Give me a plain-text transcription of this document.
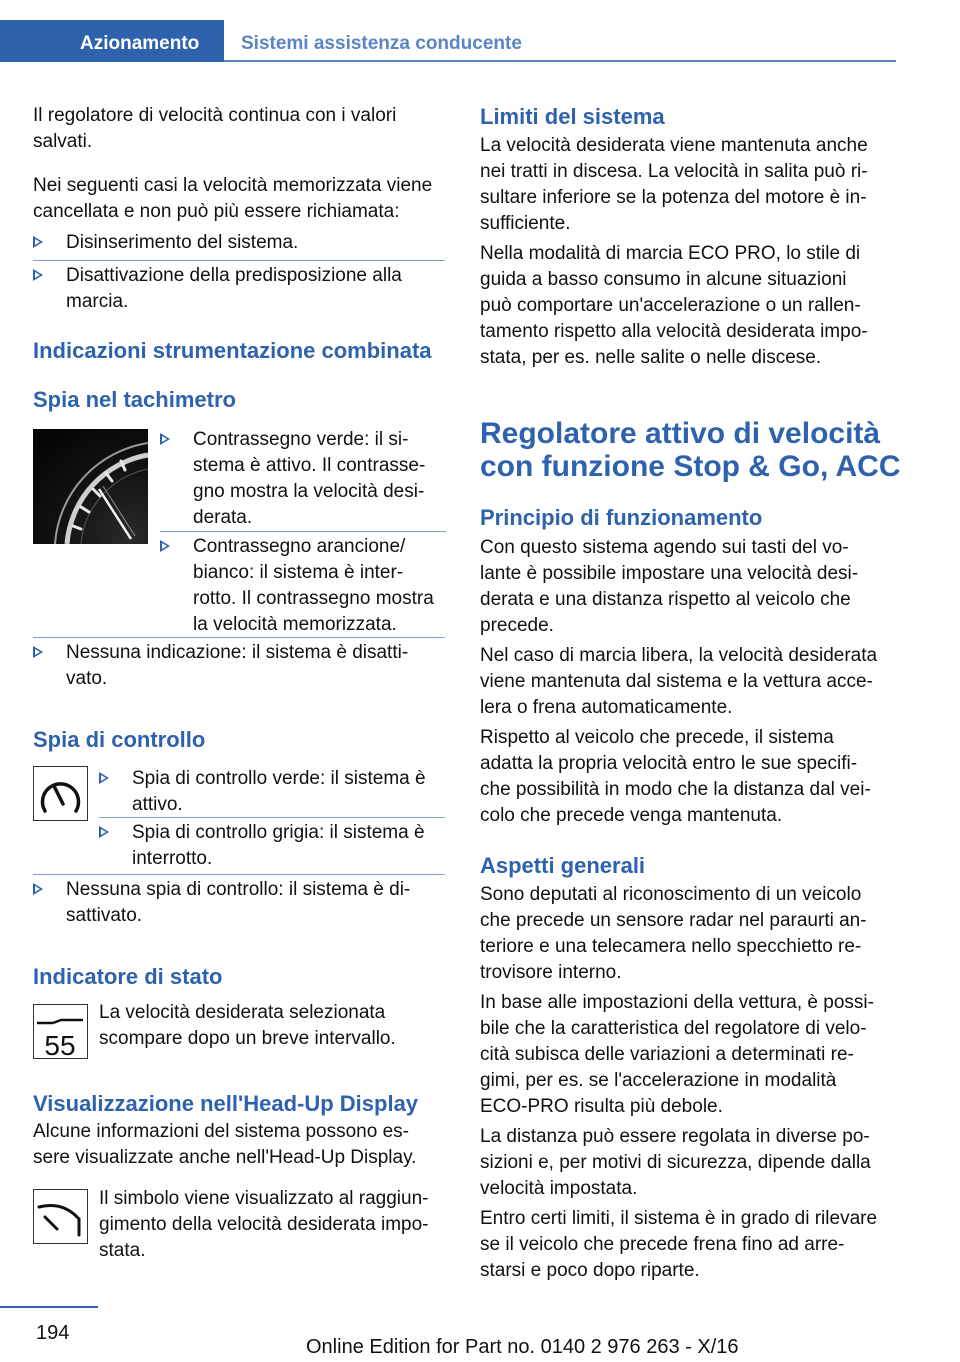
Azionamento Sistemi assistenza conducente
Il regolatore di velocità continua con i valori
salvati.
Nei seguenti casi la velocità memorizzata viene
cancellata e non può più essere richiamata:
Disinserimento del sistema.
Disattivazione della predisposizione alla
marcia.
Indicazioni strumentazione combinata
Spia nel tachimetro
Contrassegno verde: il si-
stema è attivo. Il contrasse-
gno mostra la velocità desi-
derata.
Contrassegno arancione/
bianco: il sistema è inter-
rotto. Il contrassegno mostra
la velocità memorizzata.
Nessuna indicazione: il sistema è disatti-
vato.
Spia di controllo
Spia di controllo verde: il sistema è
attivo.
Spia di controllo grigia: il sistema è
interrotto.
Nessuna spia di controllo: il sistema è di-
sattivato.
Indicatore di stato
55
La velocità desiderata selezionata
scompare dopo un breve intervallo.
Visualizzazione nell'Head-Up Display
Alcune informazioni del sistema possono es-
sere visualizzate anche nell'Head-Up Display.
Il simbolo viene visualizzato al raggiun-
gimento della velocità desiderata impo-
stata.
Limiti del sistema
La velocità desiderata viene mantenuta anche
nei tratti in discesa. La velocità in salita può ri-
sultare inferiore se la potenza del motore è in-
sufficiente.
Nella modalità di marcia ECO PRO, lo stile di
guida a basso consumo in alcune situazioni
può comportare un'accelerazione o un rallen-
tamento rispetto alla velocità desiderata impo-
stata, per es. nelle salite o nelle discese.
Regolatore attivo di velocità
con funzione Stop & Go, ACC
Principio di funzionamento
Con questo sistema agendo sui tasti del vo-
lante è possibile impostare una velocità desi-
derata e una distanza rispetto al veicolo che
precede.
Nel caso di marcia libera, la velocità desiderata
viene mantenuta dal sistema e la vettura acce-
lera o frena automaticamente.
Rispetto al veicolo che precede, il sistema
adatta la propria velocità entro le sue specifi-
che possibilità in modo che la distanza dal vei-
colo che precede venga mantenuta.
Aspetti generali
Sono deputati al riconoscimento di un veicolo
che precede un sensore radar nel paraurti an-
teriore e una telecamera nello specchietto re-
trovisore interno.
In base alle impostazioni della vettura, è possi-
bile che la caratteristica del regolatore di velo-
cità subisca delle variazioni a determinati re-
gimi, per es. se l'accelerazione in modalità
ECO-PRO risulta più debole.
La distanza può essere regolata in diverse po-
sizioni e, per motivi di sicurezza, dipende dalla
velocità impostata.
Entro certi limiti, il sistema è in grado di rilevare
se il veicolo che precede frena fino ad arre-
starsi e poco dopo riparte.
194
Online Edition for Part no. 0140 2 976 263 - X/16
